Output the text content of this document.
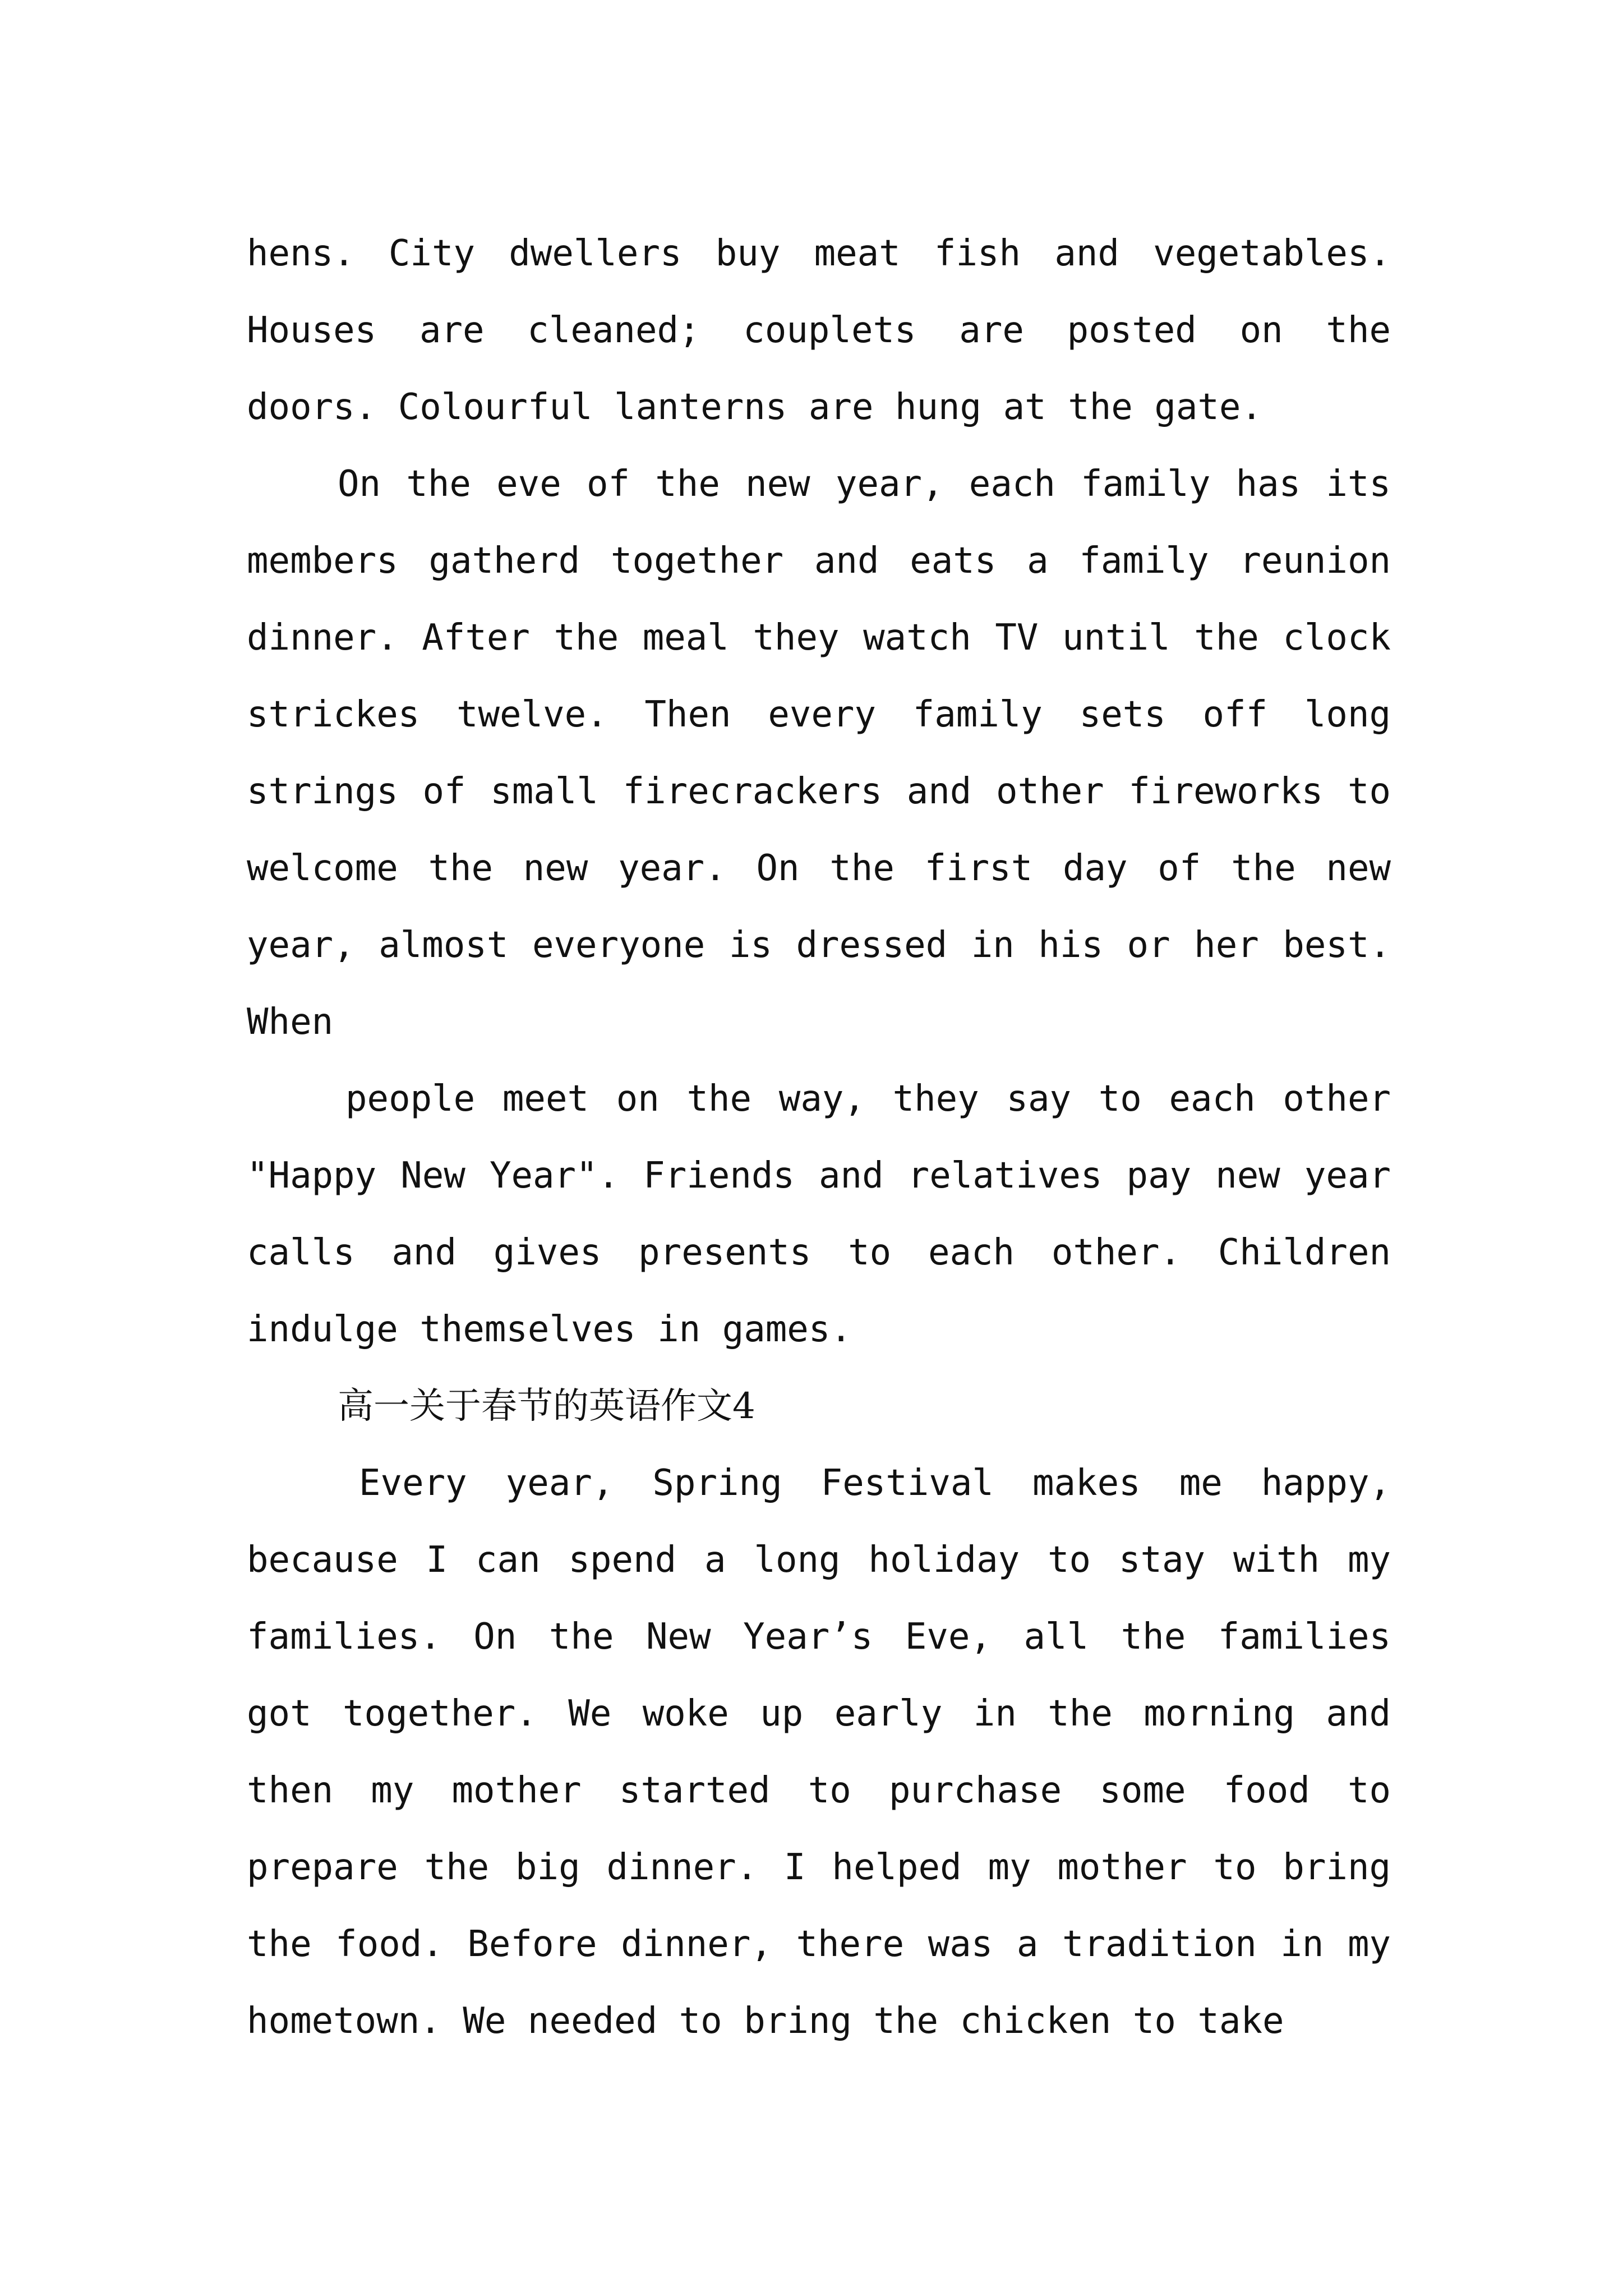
hens. City dwellers buy meat fish and vegetables. Houses are cleaned; couplets are posted on the doors. Colourful lanterns are hung at the gate.

On the eve of the new year, each family has its members gatherd together and eats a family reunion dinner. After the meal they watch TV until the clock strickes twelve. Then every family sets off long strings of small firecrackers and other fireworks to welcome the new year. On the first day of the new year, almost everyone is dressed in his or her best. When

people meet on the way, they say to each other "Happy New Year". Friends and relatives pay new year calls and gives presents to each other. Children indulge themselves in games.

高一关于春节的英语作文4

Every year, Spring Festival makes me happy, because I can spend a long holiday to stay with my families. On the New Year’s Eve, all the families got together. We woke up early in the morning and then my mother started to purchase some food to prepare the big dinner. I helped my mother to bring the food. Before dinner, there was a tradition in my hometown. We needed to bring the chicken to take
